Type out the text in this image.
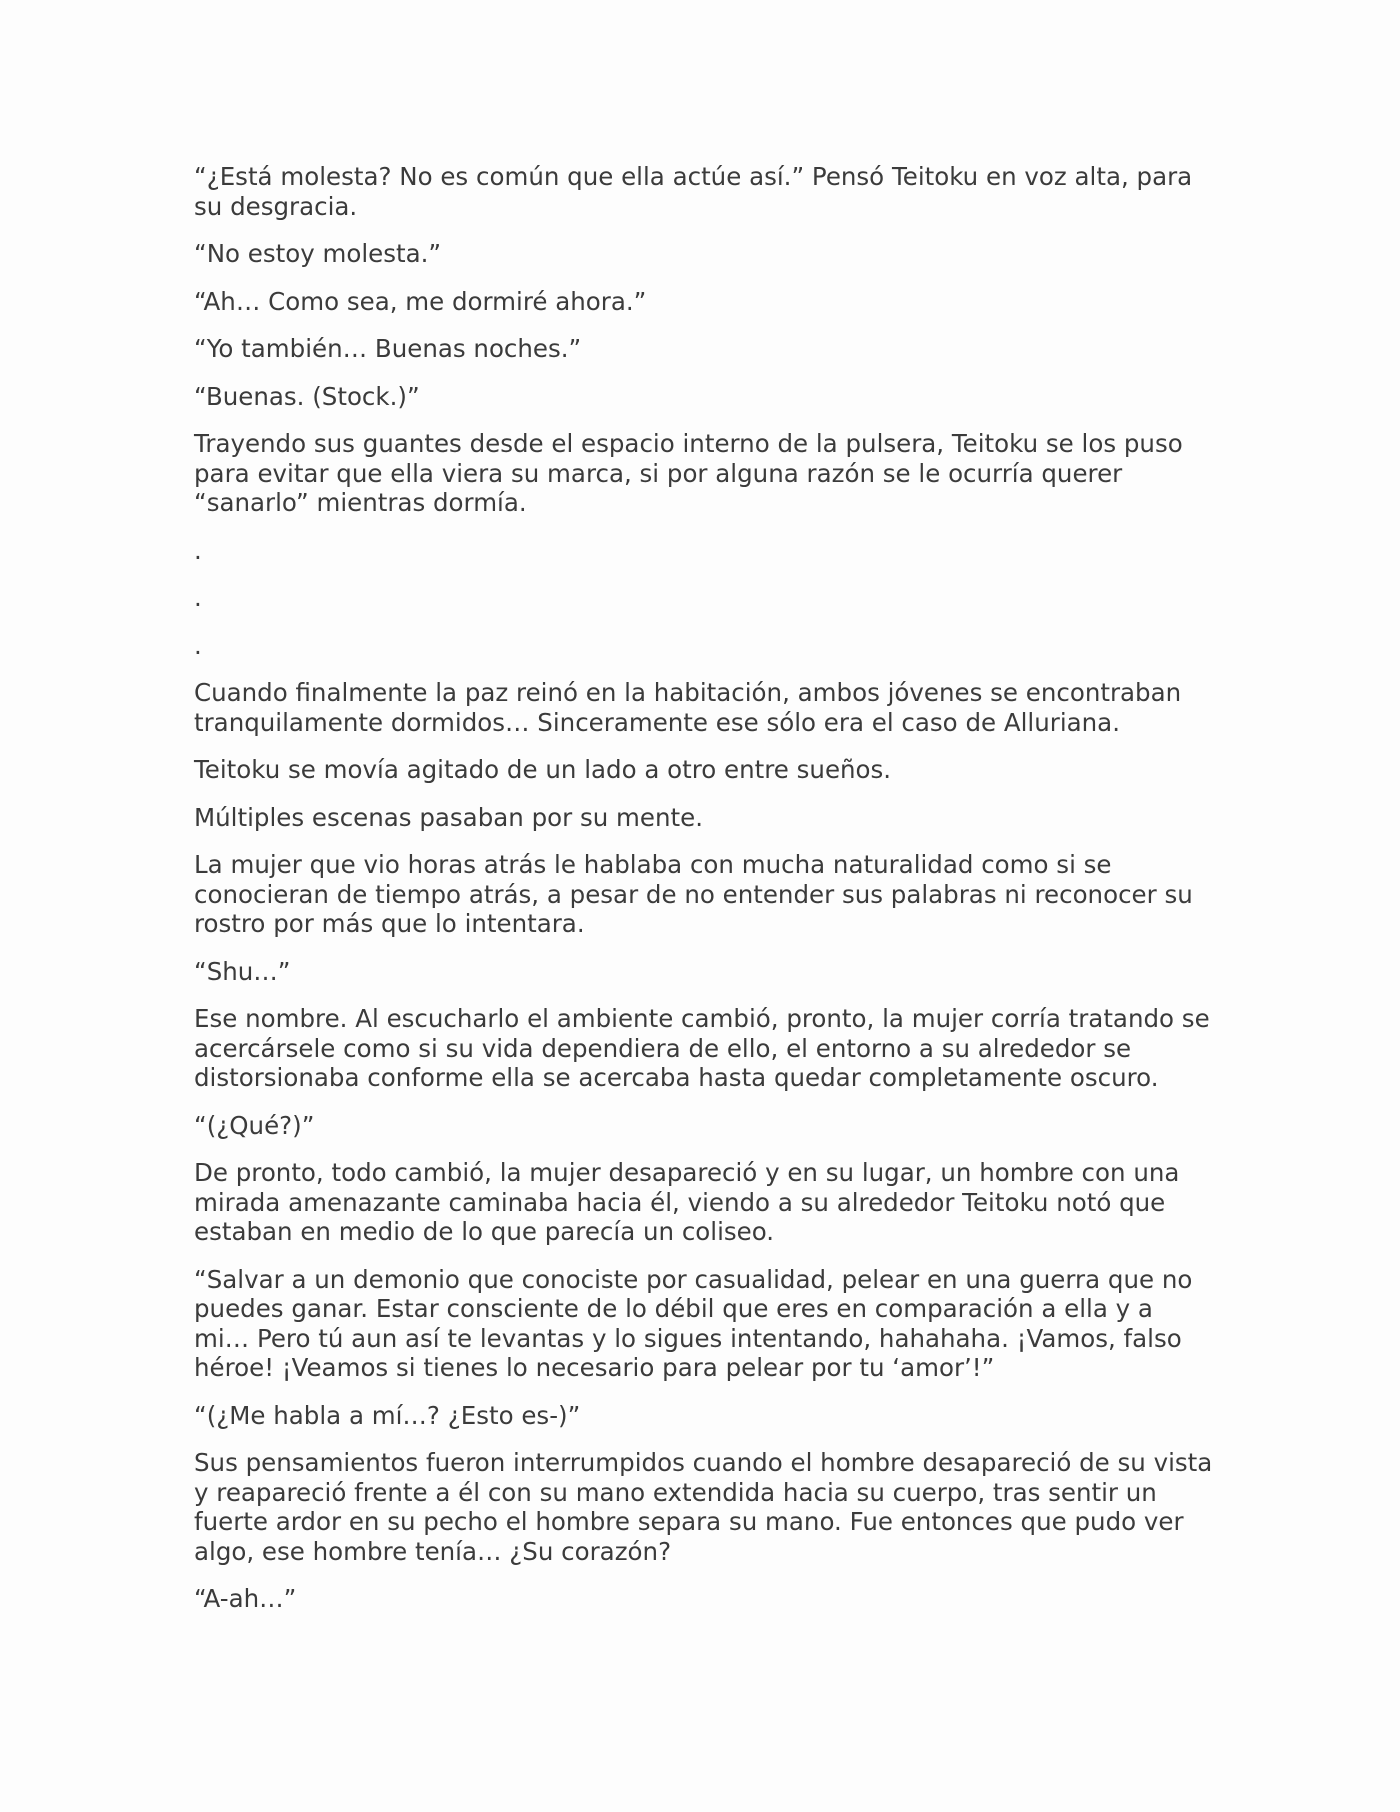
“¿Está molesta? No es común que ella actúe así.” Pensó Teitoku en voz alta, para su desgracia.

“No estoy molesta.”

“Ah… Como sea, me dormiré ahora.”

“Yo también… Buenas noches.”

“Buenas. (Stock.)”

Trayendo sus guantes desde el espacio interno de la pulsera, Teitoku se los puso para evitar que ella viera su marca, si por alguna razón se le ocurría querer “sanarlo” mientras dormía.

.

.

.

Cuando finalmente la paz reinó en la habitación, ambos jóvenes se encontraban tranquilamente dormidos… Sinceramente ese sólo era el caso de Alluriana.

Teitoku se movía agitado de un lado a otro entre sueños.

Múltiples escenas pasaban por su mente.

La mujer que vio horas atrás le hablaba con mucha naturalidad como si se conocieran de tiempo atrás, a pesar de no entender sus palabras ni reconocer su rostro por más que lo intentara.

“Shu…”

Ese nombre. Al escucharlo el ambiente cambió, pronto, la mujer corría tratando se acercársele como si su vida dependiera de ello, el entorno a su alrededor se distorsionaba conforme ella se acercaba hasta quedar completamente oscuro.

“(¿Qué?)”

De pronto, todo cambió, la mujer desapareció y en su lugar, un hombre con una mirada amenazante caminaba hacia él, viendo a su alrededor Teitoku notó que estaban en medio de lo que parecía un coliseo.

“Salvar a un demonio que conociste por casualidad, pelear en una guerra que no puedes ganar. Estar consciente de lo débil que eres en comparación a ella y a mi… Pero tú aun así te levantas y lo sigues intentando, hahahaha. ¡Vamos, falso héroe! ¡Veamos si tienes lo necesario para pelear por tu ‘amor’!”

“(¿Me habla a mí…? ¿Esto es-)”

Sus pensamientos fueron interrumpidos cuando el hombre desapareció de su vista y reapareció frente a él con su mano extendida hacia su cuerpo, tras sentir un fuerte ardor en su pecho el hombre separa su mano. Fue entonces que pudo ver algo, ese hombre tenía… ¿Su corazón?

“A-ah…”
